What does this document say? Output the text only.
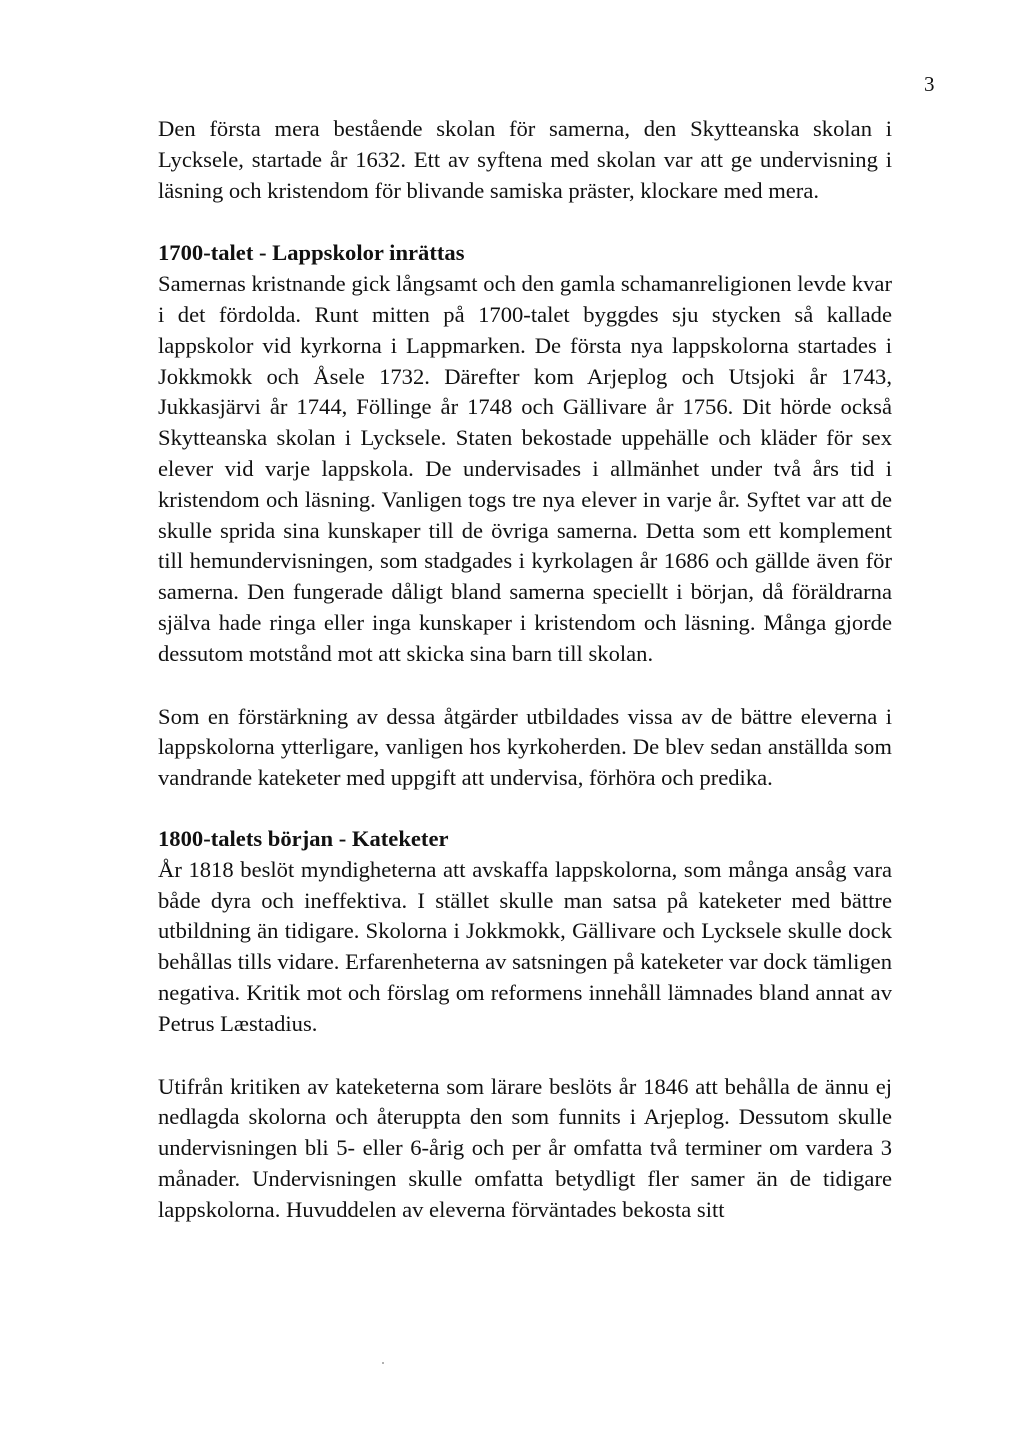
3

Den första mera bestående skolan för samerna, den Skytteanska skolan i Lycksele, startade år 1632. Ett av syftena med skolan var att ge undervisning i läsning och kristendom för blivande samiska präster, klockare med mera.

1700-talet - Lappskolor inrättas
Samernas kristnande gick långsamt och den gamla schamanreligionen levde kvar i det fördolda. Runt mitten på 1700-talet byggdes sju stycken så kallade lappskolor vid kyrkorna i Lappmarken. De första nya lappskolorna startades i Jokkmokk och Åsele 1732. Därefter kom Arjeplog och Utsjoki år 1743, Jukkasjärvi år 1744, Föllinge år 1748 och Gällivare år 1756. Dit hörde också Skytteanska skolan i Lycksele. Staten bekostade uppehälle och kläder för sex elever vid varje lappskola. De undervisades i allmänhet under två års tid i kristendom och läsning. Vanligen togs tre nya elever in varje år. Syftet var att de skulle sprida sina kunskaper till de övriga samerna. Detta som ett komplement till hemundervisningen, som stadgades i kyrkolagen år 1686 och gällde även för samerna. Den fungerade dåligt bland samerna speciellt i början, då föräldrarna själva hade ringa eller inga kunskaper i kristendom och läsning. Många gjorde dessutom motstånd mot att skicka sina barn till skolan.

Som en förstärkning av dessa åtgärder utbildades vissa av de bättre eleverna i lappskolorna ytterligare, vanligen hos kyrkoherden. De blev sedan anställda som vandrande kateketer med uppgift att undervisa, förhöra och predika.

1800-talets början - Kateketer
År 1818 beslöt myndigheterna att avskaffa lappskolorna, som många ansåg vara både dyra och ineffektiva. I stället skulle man satsa på kateketer med bättre utbildning än tidigare. Skolorna i Jokkmokk, Gällivare och Lycksele skulle dock behållas tills vidare. Erfarenheterna av satsningen på kateketer var dock tämligen negativa. Kritik mot och förslag om reformens innehåll lämnades bland annat av Petrus Læstadius.

Utifrån kritiken av kateketerna som lärare beslöts år 1846 att behålla de ännu ej nedlagda skolorna och återuppta den som funnits i Arjeplog. Dessutom skulle undervisningen bli 5- eller 6-årig och per år omfatta två terminer om vardera 3 månader. Undervisningen skulle omfatta betydligt fler samer än de tidigare lappskolorna. Huvuddelen av eleverna förväntades bekosta sitt
